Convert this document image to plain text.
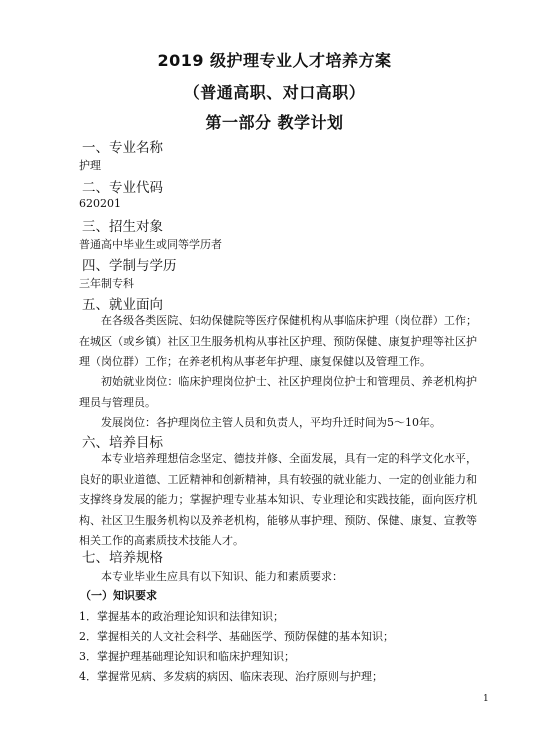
2019 级护理专业人才培养方案
（普通高职、对口高职）
第一部分 教学计划
一、专业名称
护理
二、专业代码
620201
三、招生对象
普通高中毕业生或同等学历者
四、学制与学历
三年制专科
五、就业面向
在各级各类医院、妇幼保健院等医疗保健机构从事临床护理（岗位群）工作；在城区（或乡镇）社区卫生服务机构从事社区护理、预防保健、康复护理等社区护理（岗位群）工作；在养老机构从事老年护理、康复保健以及管理工作。
初始就业岗位：临床护理岗位护士、社区护理岗位护士和管理员、养老机构护理员与管理员。
发展岗位：各护理岗位主管人员和负责人，平均升迁时间为5～10年。
六、培养目标
本专业培养理想信念坚定、德技并修、全面发展，具有一定的科学文化水平，良好的职业道德、工匠精神和创新精神，具有较强的就业能力、一定的创业能力和支撑终身发展的能力；掌握护理专业基本知识、专业理论和实践技能，面向医疗机构、社区卫生服务机构以及养老机构，能够从事护理、预防、保健、康复、宣教等相关工作的高素质技术技能人才。
七、培养规格
本专业毕业生应具有以下知识、能力和素质要求：
（一）知识要求
1．掌握基本的政治理论知识和法律知识；
2．掌握相关的人文社会科学、基础医学、预防保健的基本知识；
3．掌握护理基础理论知识和临床护理知识；
4．掌握常见病、多发病的病因、临床表现、治疗原则与护理；
1
